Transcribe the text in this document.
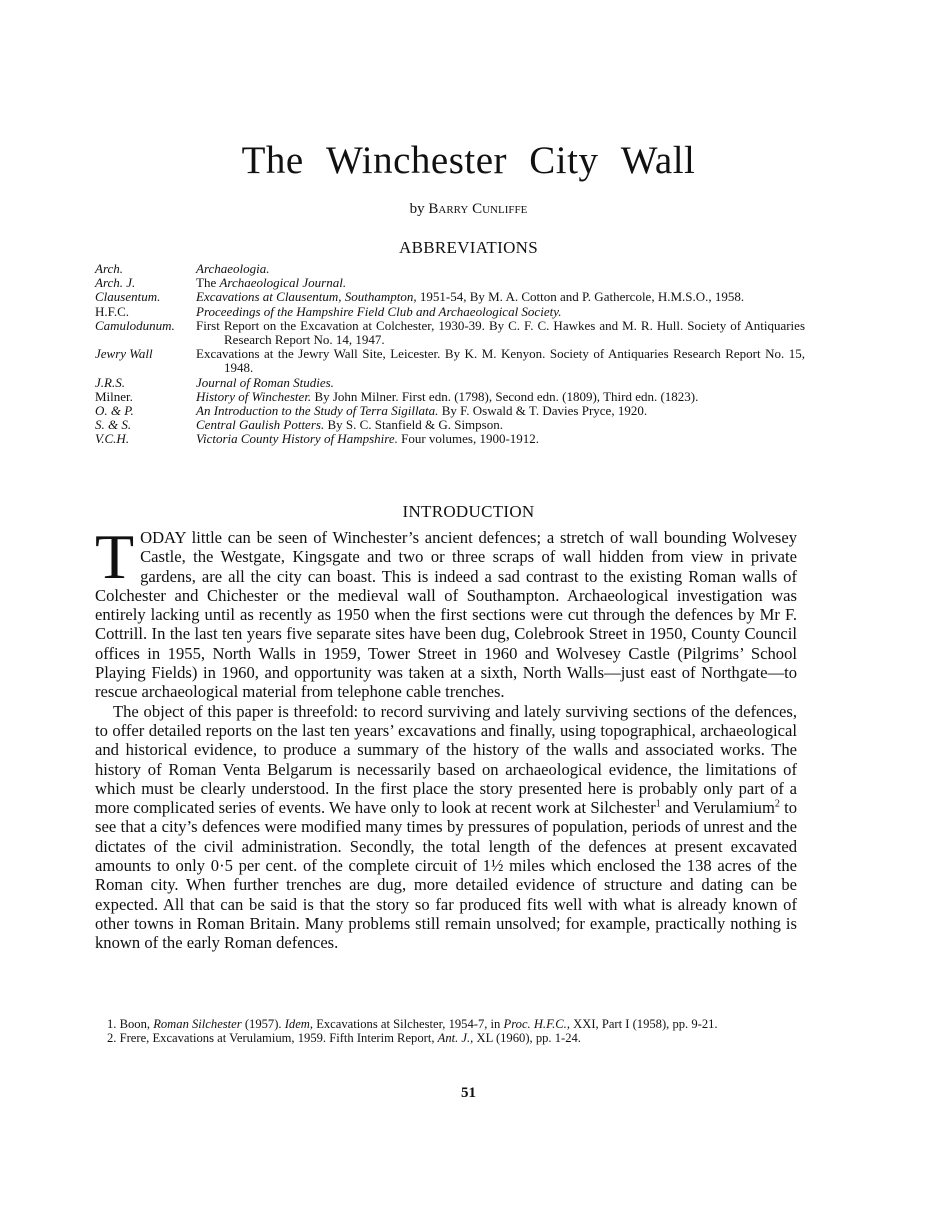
The Winchester City Wall
by Barry Cunliffe
ABBREVIATIONS
Arch.	Archaeologia.
Arch. J.	The Archaeological Journal.
Clausentum.	Excavations at Clausentum, Southampton, 1951-54, By M. A. Cotton and P. Gathercole, H.M.S.O., 1958.
H.F.C.	Proceedings of the Hampshire Field Club and Archaeological Society.
Camulodunum.	First Report on the Excavation at Colchester, 1930-39. By C. F. C. Hawkes and M. R. Hull. Society of Antiquaries Research Report No. 14, 1947.
Jewry Wall	Excavations at the Jewry Wall Site, Leicester. By K. M. Kenyon. Society of Antiquaries Research Report No. 15, 1948.
J.R.S.	Journal of Roman Studies.
Milner.	History of Winchester. By John Milner. First edn. (1798), Second edn. (1809), Third edn. (1823).
O. & P.	An Introduction to the Study of Terra Sigillata. By F. Oswald & T. Davies Pryce, 1920.
S. & S.	Central Gaulish Potters. By S. C. Stanfield & G. Simpson.
V.C.H.	Victoria County History of Hampshire. Four volumes, 1900-1912.
INTRODUCTION

TODAY little can be seen of Winchester’s ancient defences; a stretch of wall bounding Wolvesey Castle, the Westgate, Kingsgate and two or three scraps of wall hidden from view in private gardens, are all the city can boast. This is indeed a sad contrast to the existing Roman walls of Colchester and Chichester or the medieval wall of Southampton. Archaeological investigation was entirely lacking until as recently as 1950 when the first sections were cut through the defences by Mr F. Cottrill. In the last ten years five separate sites have been dug, Colebrook Street in 1950, County Council offices in 1955, North Walls in 1959, Tower Street in 1960 and Wolvesey Castle (Pilgrims’ School Playing Fields) in 1960, and opportunity was taken at a sixth, North Walls—just east of Northgate—to rescue archaeological material from telephone cable trenches.

The object of this paper is threefold: to record surviving and lately surviving sections of the defences, to offer detailed reports on the last ten years’ excavations and finally, using topographical, archaeological and historical evidence, to produce a summary of the history of the walls and associated works. The history of Roman Venta Belgarum is necessarily based on archaeological evidence, the limitations of which must be clearly understood. In the first place the story presented here is probably only part of a more complicated series of events. We have only to look at recent work at Silchester$^1$ and Verulamium$^2$ to see that a city’s defences were modified many times by pressures of population, periods of unrest and the dictates of the civil administration. Secondly, the total length of the defences at present excavated amounts to only 0·5 per cent. of the complete circuit of 1½ miles which enclosed the 138 acres of the Roman city. When further trenches are dug, more detailed evidence of structure and dating can be expected. All that can be said is that the story so far produced fits well with what is already known of other towns in Roman Britain. Many problems still remain unsolved; for example, practically nothing is known of the early Roman defences.

1. Boon, Roman Silchester (1957). Idem, Excavations at Silchester, 1954-7, in Proc. H.F.C., XXI, Part I (1958), pp. 9-21.

2. Frere, Excavations at Verulamium, 1959. Fifth Interim Report, Ant. J., XL (1960), pp. 1-24.

51
